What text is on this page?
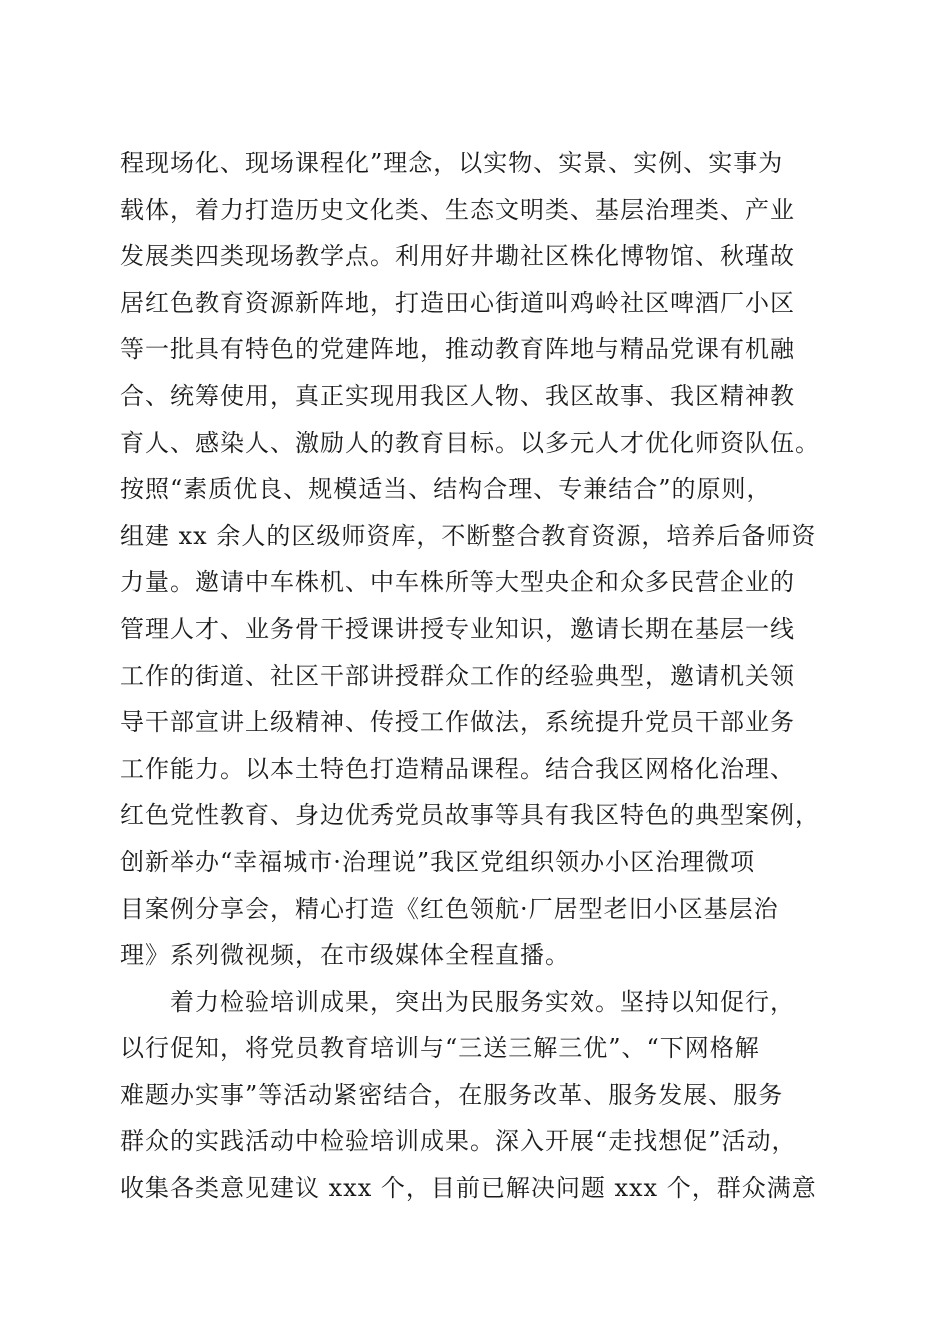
程现场化、现场课程化”理念，以实物、实景、实例、实事为
载体，着力打造历史文化类、生态文明类、基层治理类、产业
发展类四类现场教学点。利用好井墈社区株化博物馆、秋瑾故
居红色教育资源新阵地，打造田心街道叫鸡岭社区啤酒厂小区
等一批具有特色的党建阵地，推动教育阵地与精品党课有机融
合、统筹使用，真正实现用我区人物、我区故事、我区精神教
育人、感染人、激励人的教育目标。以多元人才优化师资队伍。
按照“素质优良、规模适当、结构合理、专兼结合”的原则，
组建 xx 余人的区级师资库，不断整合教育资源，培养后备师资
力量。邀请中车株机、中车株所等大型央企和众多民营企业的
管理人才、业务骨干授课讲授专业知识，邀请长期在基层一线
工作的街道、社区干部讲授群众工作的经验典型，邀请机关领
导干部宣讲上级精神、传授工作做法，系统提升党员干部业务
工作能力。以本土特色打造精品课程。结合我区网格化治理、
红色党性教育、身边优秀党员故事等具有我区特色的典型案例，
创新举办“幸福城市·治理说”我区党组织领办小区治理微项
目案例分享会，精心打造《红色领航·厂居型老旧小区基层治
理》系列微视频，在市级媒体全程直播。
着力检验培训成果，突出为民服务实效。坚持以知促行，
以行促知，将党员教育培训与“三送三解三优”、“下网格解
难题办实事”等活动紧密结合，在服务改革、服务发展、服务
群众的实践活动中检验培训成果。深入开展“走找想促”活动，
收集各类意见建议 xxx 个，目前已解决问题 xxx 个，群众满意
